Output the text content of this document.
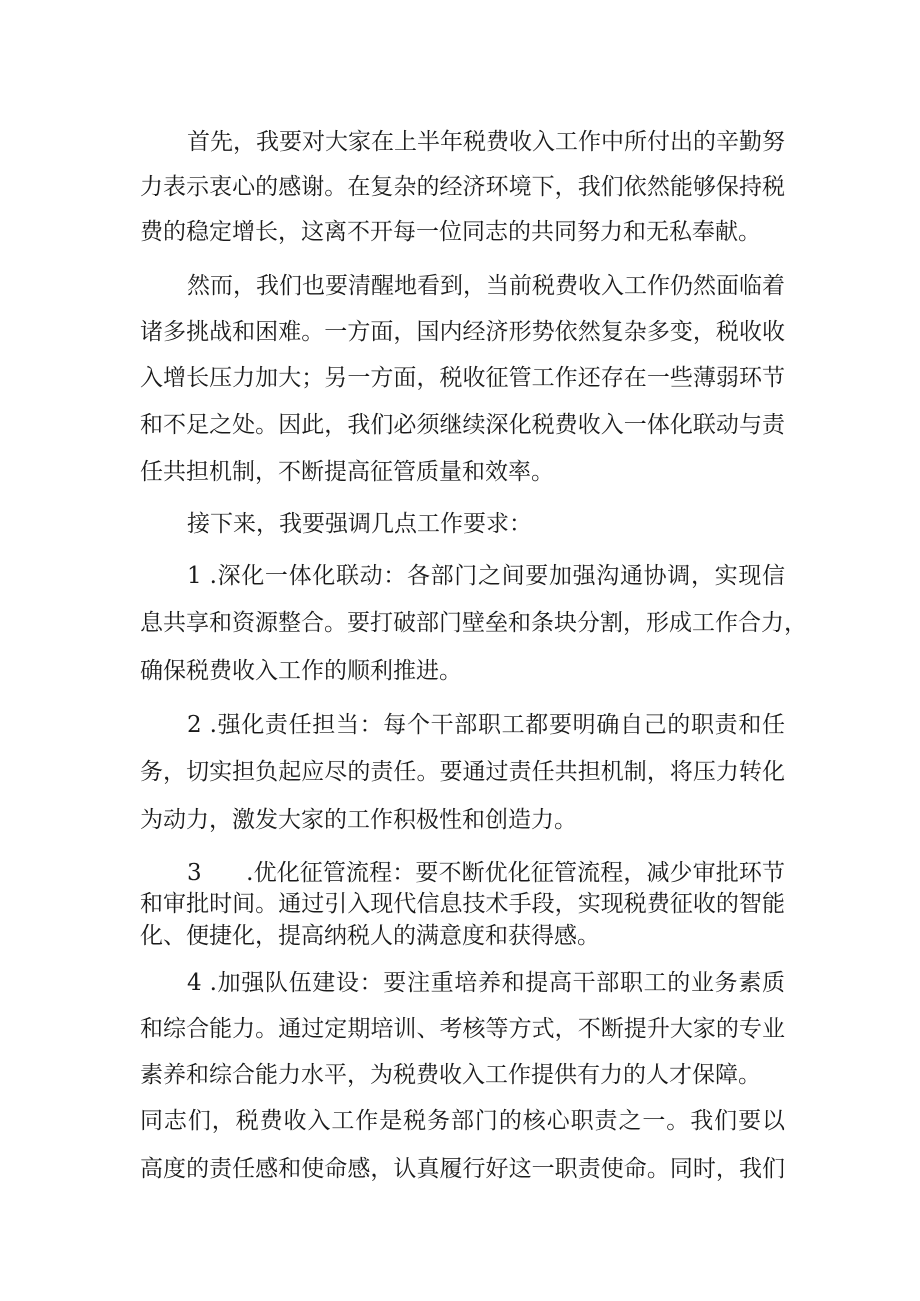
首先，我要对大家在上半年税费收入工作中所付出的辛勤努
力表示衷心的感谢。在复杂的经济环境下，我们依然能够保持税
费的稳定增长，这离不开每一位同志的共同努力和无私奉献。
然而，我们也要清醒地看到，当前税费收入工作仍然面临着
诸多挑战和困难。一方面，国内经济形势依然复杂多变，税收收
入增长压力加大；另一方面，税收征管工作还存在一些薄弱环节
和不足之处。因此，我们必须继续深化税费收入一体化联动与责
任共担机制，不断提高征管质量和效率。
接下来，我要强调几点工作要求：
1 .深化一体化联动：各部门之间要加强沟通协调，实现信
息共享和资源整合。要打破部门壁垒和条块分割，形成工作合力，
确保税费收入工作的顺利推进。
2 .强化责任担当：每个干部职工都要明确自己的职责和任
务，切实担负起应尽的责任。要通过责任共担机制，将压力转化
为动力，激发大家的工作积极性和创造力。
3      .优化征管流程：要不断优化征管流程，减少审批环节
和审批时间。通过引入现代信息技术手段，实现税费征收的智能
化、便捷化，提高纳税人的满意度和获得感。
4 .加强队伍建设：要注重培养和提高干部职工的业务素质
和综合能力。通过定期培训、考核等方式，不断提升大家的专业
素养和综合能力水平，为税费收入工作提供有力的人才保障。
同志们，税费收入工作是税务部门的核心职责之一。我们要以
高度的责任感和使命感，认真履行好这一职责使命。同时，我们
